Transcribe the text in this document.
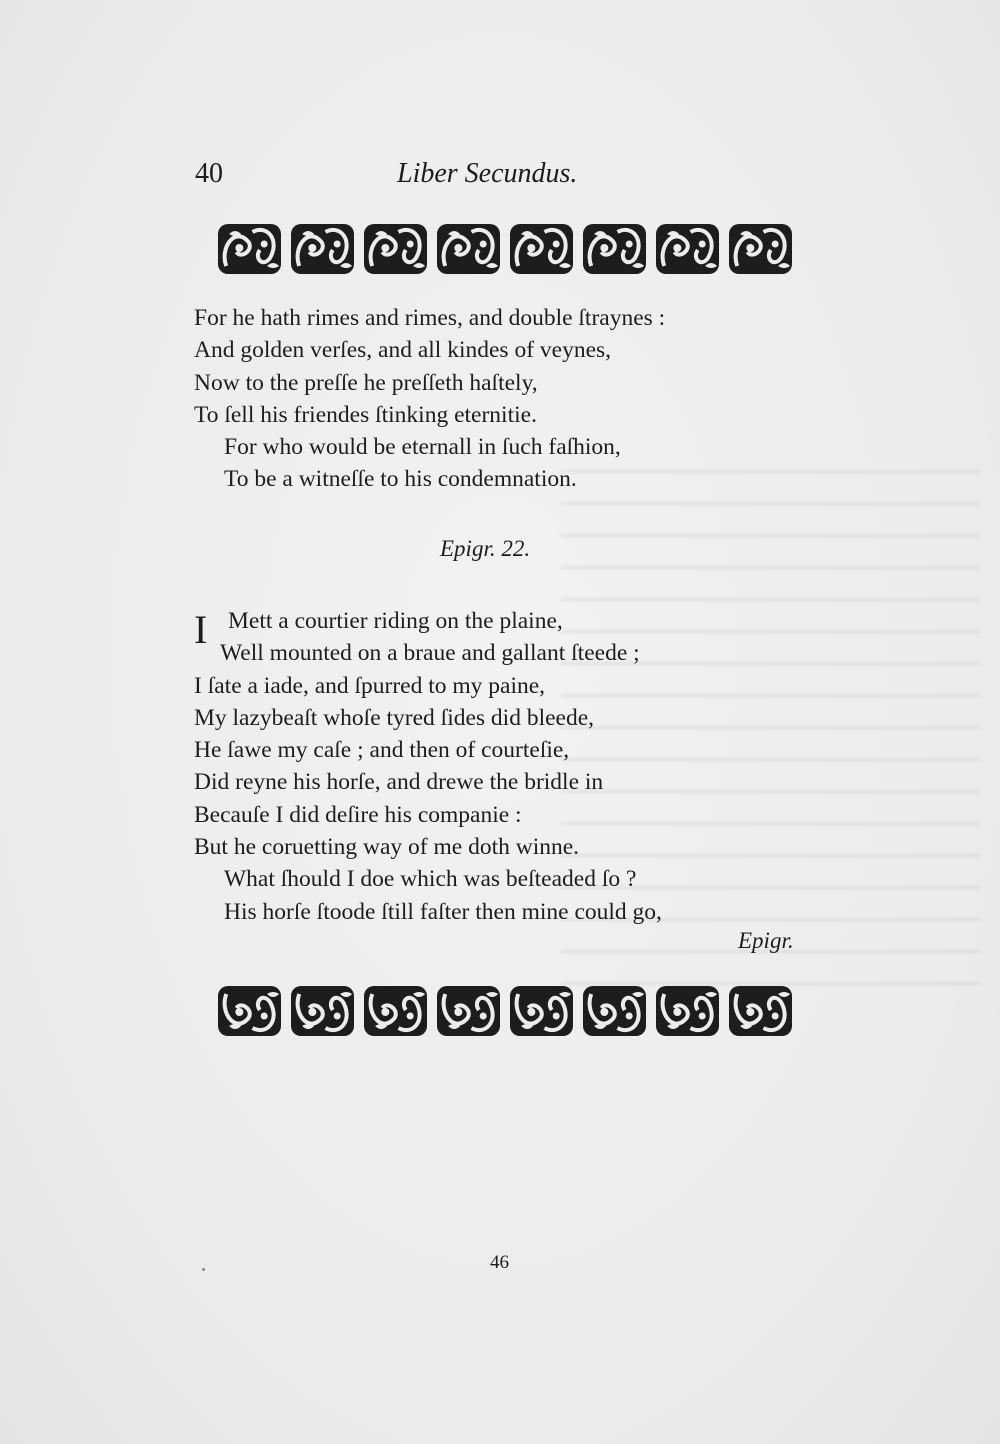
40	Liber Secundus.
For he hath rimes and rimes, and double ſtraynes :
And golden verſes, and all kindes of veynes,
Now to the preſſe he preſſeth haſtely,
To ſell his friendes ſtinking eternitie.
For who would be eternall in ſuch faſhion,
To be a witneſſe to his condemnation.
Epigr. 22.
I Mett a courtier riding on the plaine,
Well mounted on a braue and gallant ſteede ;
I ſate a iade, and ſpurred to my paine,
My lazybeaſt whoſe tyred ſides did bleede,
He ſawe my caſe ; and then of courteſie,
Did reyne his horſe, and drewe the bridle in
Becauſe I did deſire his companie :
But he coruetting way of me doth winne.
What ſhould I doe which was beſteaded ſo ?
His horſe ſtoode ſtill faſter then mine could go,
Epigr.
46
